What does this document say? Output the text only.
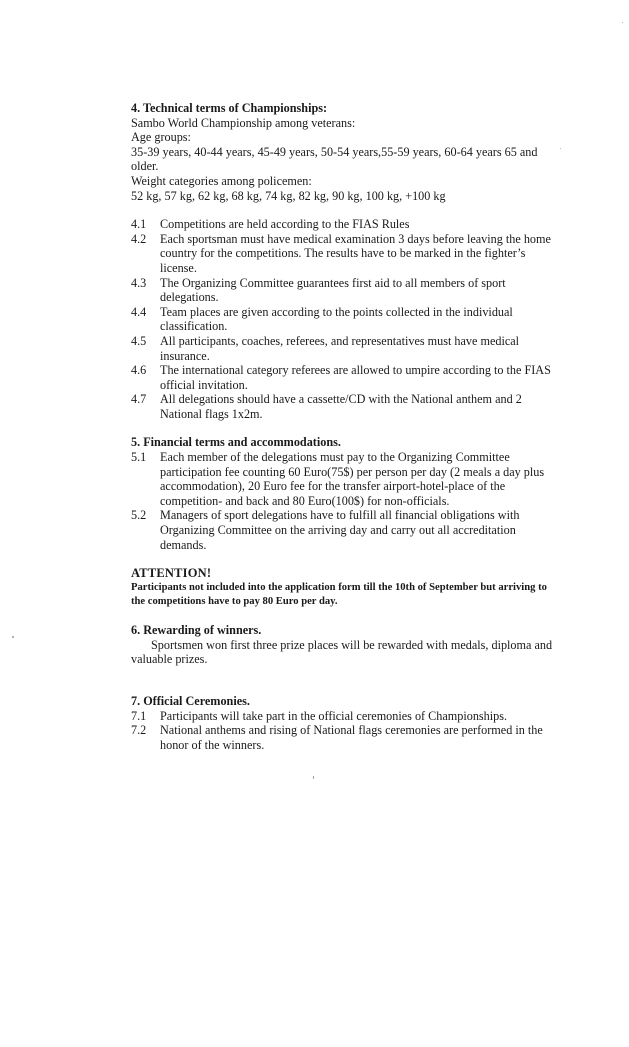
4. Technical terms of Championships:
Sambo World Championship among veterans:
Age groups:
35-39 years, 40-44 years, 45-49 years, 50-54 years,55-59 years, 60-64 years 65 and older.
Weight categories among policemen:
52 kg, 57 kg, 62 kg, 68 kg, 74 kg, 82 kg, 90 kg, 100 kg, +100 kg
4.1	Competitions are held according to the FIAS Rules
4.2	Each sportsman must have medical examination 3 days before leaving the home country for the competitions. The results have to be marked in the fighter’s license.
4.3	The Organizing Committee guarantees first aid to all members of sport delegations.
4.4	Team places are given according to the points collected in the individual classification.
4.5	All participants, coaches, referees, and representatives must have medical insurance.
4.6	The international category referees are allowed to umpire according to the FIAS official invitation.
4.7	All delegations should have a cassette/CD with the National anthem and 2 National flags 1x2m.
5. Financial terms and accommodations.
5.1	Each member of the delegations must pay to the Organizing Committee participation fee counting 60 Euro(75$) per person per day (2 meals a day plus accommodation), 20 Euro fee for the transfer airport-hotel-place of the competition- and back and 80 Euro(100$) for non-officials.
5.2	Managers of sport delegations have to fulfill all financial obligations with Organizing Committee on the arriving day and carry out all accreditation demands.
ATTENTION!
Participants not included into the application form till the 10th of September but arriving to the competitions have to pay 80 Euro per day.
6. Rewarding of winners.
Sportsmen won first three prize places will be rewarded with medals, diploma and valuable prizes.
7. Official Ceremonies.
7.1	Participants will take part in the official ceremonies of Championships.
7.2	National anthems and rising of National flags ceremonies are performed in the honor of the winners.
